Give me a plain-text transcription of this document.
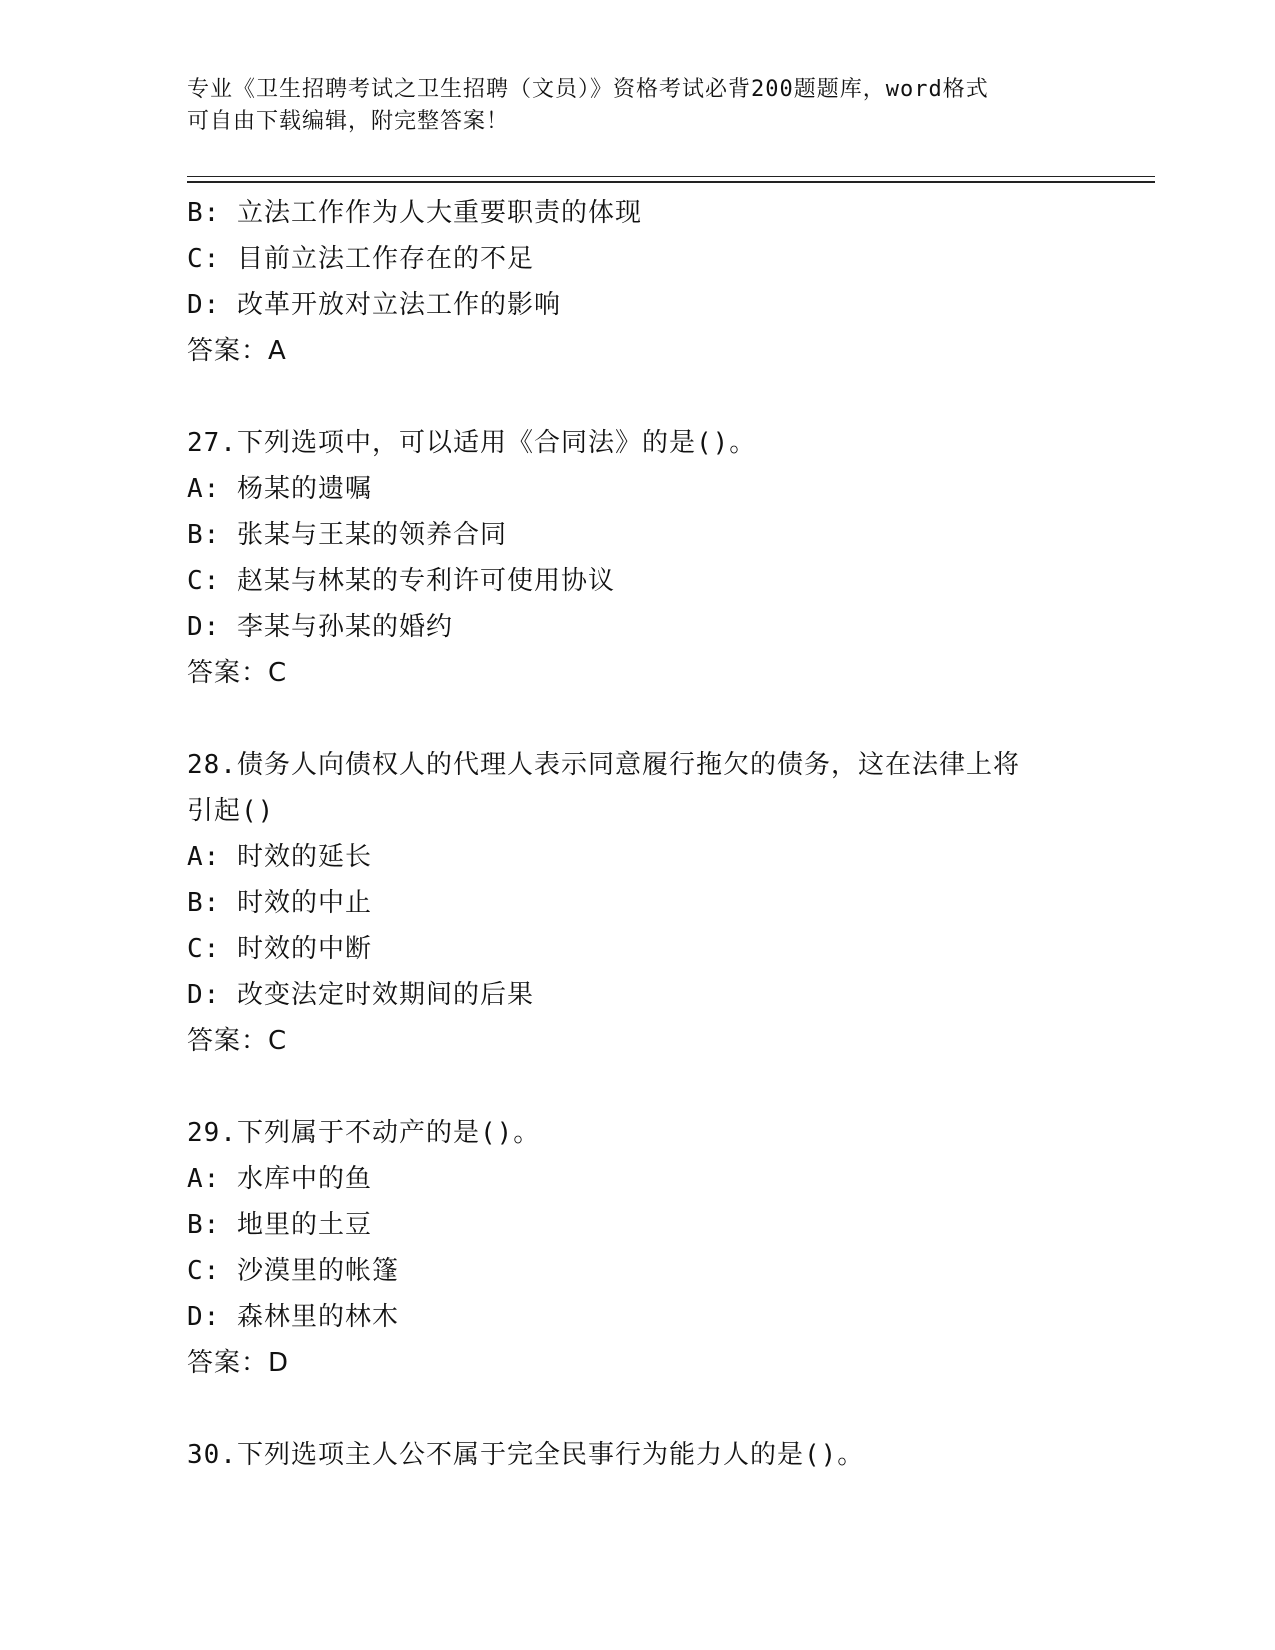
专业《卫生招聘考试之卫生招聘（文员）》资格考试必背200题题库，word格式
可自由下载编辑，附完整答案！
B: 立法工作作为人大重要职责的体现
C: 目前立法工作存在的不足
D: 改革开放对立法工作的影响
答案：A
27.下列选项中，可以适用《合同法》的是()。
A: 杨某的遗嘱
B: 张某与王某的领养合同
C: 赵某与林某的专利许可使用协议
D: 李某与孙某的婚约
答案：C
28.债务人向债权人的代理人表示同意履行拖欠的债务，这在法律上将
引起()
A: 时效的延长
B: 时效的中止
C: 时效的中断
D: 改变法定时效期间的后果
答案：C
29.下列属于不动产的是()。
A: 水库中的鱼
B: 地里的土豆
C: 沙漠里的帐篷
D: 森林里的林木
答案：D
30.下列选项主人公不属于完全民事行为能力人的是()。
